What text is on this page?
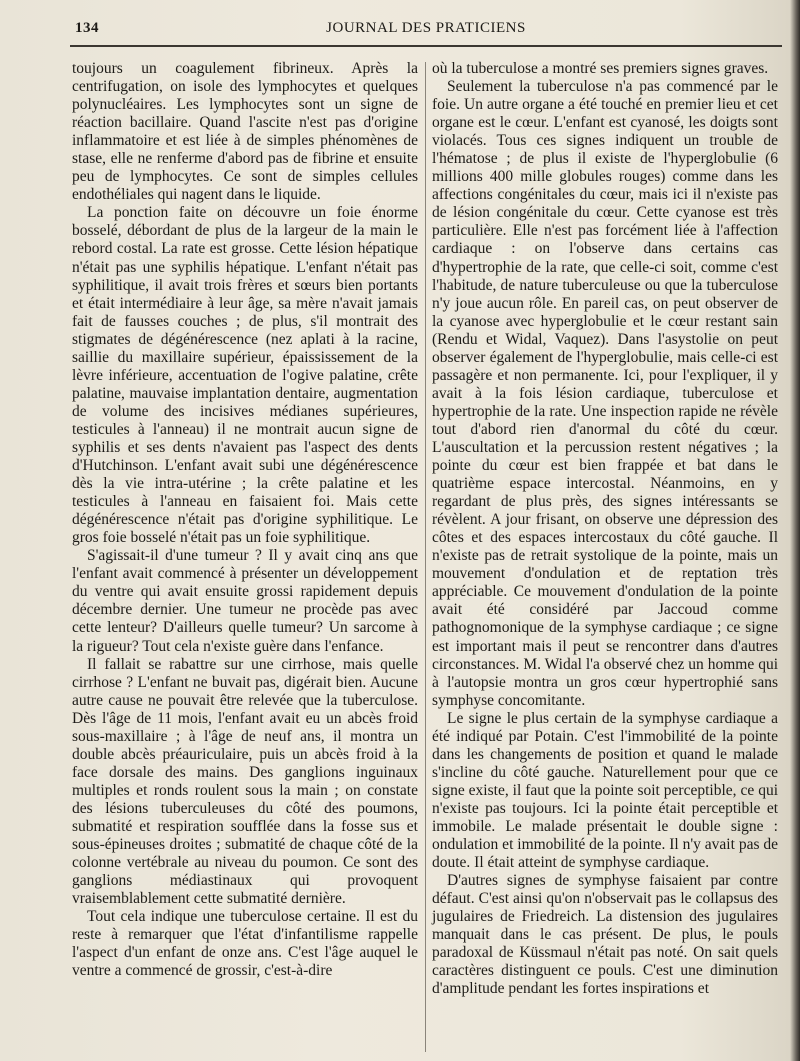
134	JOURNAL DES PRATICIENS

toujours un coagulement fibrineux. Après la centrifugation, on isole des lymphocytes et quelques polynucléaires. Les lymphocytes sont un signe de réaction bacillaire. Quand l'ascite n'est pas d'origine inflammatoire et est liée à de simples phénomènes de stase, elle ne renferme d'abord pas de fibrine et ensuite peu de lymphocytes. Ce sont de simples cellules endothéliales qui nagent dans le liquide.

La ponction faite on découvre un foie énorme bosselé, débordant de plus de la largeur de la main le rebord costal. La rate est grosse. Cette lésion hépatique n'était pas une syphilis hépatique. L'enfant n'était pas syphilitique, il avait trois frères et sœurs bien portants et était intermédiaire à leur âge, sa mère n'avait jamais fait de fausses couches ; de plus, s'il montrait des stigmates de dégénérescence (nez aplati à la racine, saillie du maxillaire supérieur, épaississement de la lèvre inférieure, accentuation de l'ogive palatine, crête palatine, mauvaise implantation dentaire, augmentation de volume des incisives médianes supérieures, testicules à l'anneau) il ne montrait aucun signe de syphilis et ses dents n'avaient pas l'aspect des dents d'Hutchinson. L'enfant avait subi une dégénérescence dès la vie intra-utérine ; la crête palatine et les testicules à l'anneau en faisaient foi. Mais cette dégénérescence n'était pas d'origine syphilitique. Le gros foie bosselé n'était pas un foie syphilitique.

S'agissait-il d'une tumeur ? Il y avait cinq ans que l'enfant avait commencé à présenter un développement du ventre qui avait ensuite grossi rapidement depuis décembre dernier. Une tumeur ne procède pas avec cette lenteur? D'ailleurs quelle tumeur? Un sarcome à la rigueur? Tout cela n'existe guère dans l'enfance.

Il fallait se rabattre sur une cirrhose, mais quelle cirrhose ? L'enfant ne buvait pas, digérait bien. Aucune autre cause ne pouvait être relevée que la tuberculose. Dès l'âge de 11 mois, l'enfant avait eu un abcès froid sous-maxillaire ; à l'âge de neuf ans, il montra un double abcès préauriculaire, puis un abcès froid à la face dorsale des mains. Des ganglions inguinaux multiples et ronds roulent sous la main ; on constate des lésions tuberculeuses du côté des poumons, submatité et respiration soufflée dans la fosse sus et sous-épineuses droites ; submatité de chaque côté de la colonne vertébrale au niveau du poumon. Ce sont des ganglions médiastinaux qui provoquent vraisemblablement cette submatité dernière.

Tout cela indique une tuberculose certaine. Il est du reste à remarquer que l'état d'infantilisme rappelle l'aspect d'un enfant de onze ans. C'est l'âge auquel le ventre a commencé de grossir, c'est-à-dire

où la tuberculose a montré ses premiers signes graves.

Seulement la tuberculose n'a pas commencé par le foie. Un autre organe a été touché en premier lieu et cet organe est le cœur. L'enfant est cyanosé, les doigts sont violacés. Tous ces signes indiquent un trouble de l'hématose ; de plus il existe de l'hyperglobulie (6 millions 400 mille globules rouges) comme dans les affections congénitales du cœur, mais ici il n'existe pas de lésion congénitale du cœur. Cette cyanose est très particulière. Elle n'est pas forcément liée à l'affection cardiaque : on l'observe dans certains cas d'hypertrophie de la rate, que celle-ci soit, comme c'est l'habitude, de nature tuberculeuse ou que la tuberculose n'y joue aucun rôle. En pareil cas, on peut observer de la cyanose avec hyperglobulie et le cœur restant sain (Rendu et Widal, Vaquez). Dans l'asystolie on peut observer également de l'hyperglobulie, mais celle-ci est passagère et non permanente. Ici, pour l'expliquer, il y avait à la fois lésion cardiaque, tuberculose et hypertrophie de la rate. Une inspection rapide ne révèle tout d'abord rien d'anormal du côté du cœur. L'auscultation et la percussion restent négatives ; la pointe du cœur est bien frappée et bat dans le quatrième espace intercostal. Néanmoins, en y regardant de plus près, des signes intéressants se révèlent. A jour frisant, on observe une dépression des côtes et des espaces intercostaux du côté gauche. Il n'existe pas de retrait systolique de la pointe, mais un mouvement d'ondulation et de reptation très appréciable. Ce mouvement d'ondulation de la pointe avait été considéré par Jaccoud comme pathognomonique de la symphyse cardiaque ; ce signe est important mais il peut se rencontrer dans d'autres circonstances. M. Widal l'a observé chez un homme qui à l'autopsie montra un gros cœur hypertrophié sans symphyse concomitante.

Le signe le plus certain de la symphyse cardiaque a été indiqué par Potain. C'est l'immobilité de la pointe dans les changements de position et quand le malade s'incline du côté gauche. Naturellement pour que ce signe existe, il faut que la pointe soit perceptible, ce qui n'existe pas toujours. Ici la pointe était perceptible et immobile. Le malade présentait le double signe : ondulation et immobilité de la pointe. Il n'y avait pas de doute. Il était atteint de symphyse cardiaque.

D'autres signes de symphyse faisaient par contre défaut. C'est ainsi qu'on n'observait pas le collapsus des jugulaires de Friedreich. La distension des jugulaires manquait dans le cas présent. De plus, le pouls paradoxal de Küssmaul n'était pas noté. On sait quels caractères distinguent ce pouls. C'est une diminution d'amplitude pendant les fortes inspirations et
